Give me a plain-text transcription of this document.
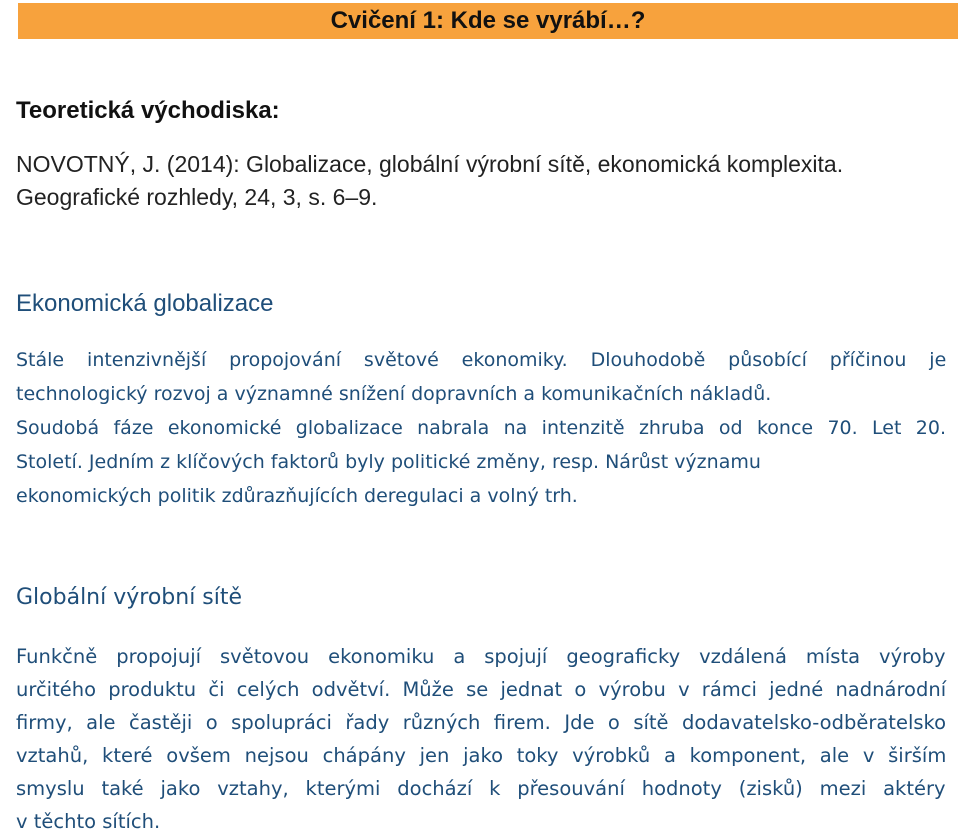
Cvičení 1: Kde se vyrábí…?
Teoretická východiska:
NOVOTNÝ, J. (2014): Globalizace, globální výrobní sítě, ekonomická komplexita.
Geografické rozhledy, 24, 3, s. 6–9.
Ekonomická globalizace
Stále intenzivnější propojování světové ekonomiky. Dlouhodobě působící příčinou je
technologický rozvoj a významné snížení dopravních a komunikačních nákladů.
Soudobá fáze ekonomické globalizace nabrala na intenzitě zhruba od konce 70. Let 20.
Století. Jedním z klíčových faktorů byly politické změny, resp. Nárůst významu
ekonomických politik zdůrazňujících deregulaci a volný trh.
Globální výrobní sítě
Funkčně propojují světovou ekonomiku a spojují geograficky vzdálená místa výroby
určitého produktu či celých odvětví. Může se jednat o výrobu v rámci jedné nadnárodní
firmy, ale častěji o spolupráci řady různých firem. Jde o sítě dodavatelsko-odběratelsko
vztahů, které ovšem nejsou chápány jen jako toky výrobků a komponent, ale v širším
smyslu také jako vztahy, kterými dochází k přesouvání hodnoty (zisků) mezi aktéry
v těchto sítích.
